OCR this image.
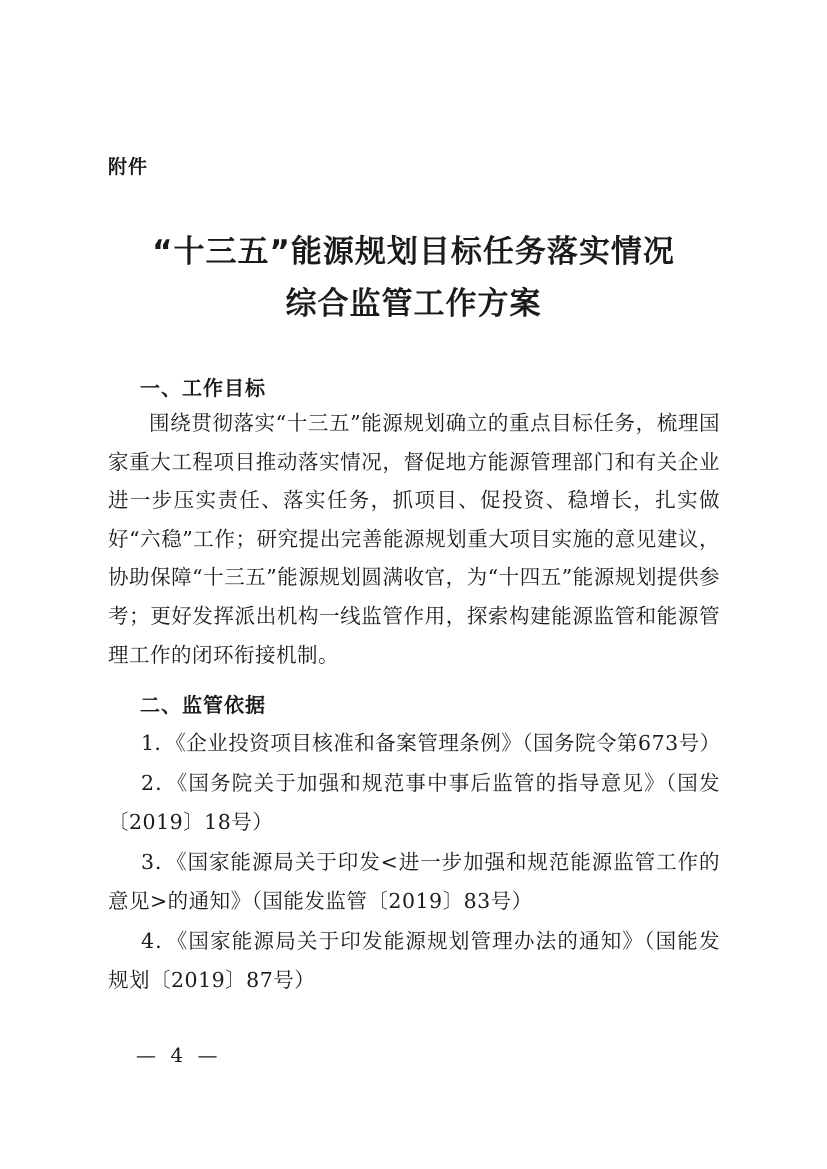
附件
“十三五”能源规划目标任务落实情况
综合监管工作方案
一、工作目标
围绕贯彻落实“十三五”能源规划确立的重点目标任务，梳理国家重大工程项目推动落实情况，督促地方能源管理部门和有关企业进一步压实责任、落实任务，抓项目、促投资、稳增长，扎实做好“六稳”工作；研究提出完善能源规划重大项目实施的意见建议，协助保障“十三五”能源规划圆满收官，为“十四五”能源规划提供参考；更好发挥派出机构一线监管作用，探索构建能源监管和能源管理工作的闭环衔接机制。
二、监管依据
1．《企业投资项目核准和备案管理条例》（国务院令第673号）
2．《国务院关于加强和规范事中事后监管的指导意见》（国发〔2019〕18号）
3．《国家能源局关于印发<进一步加强和规范能源监管工作的意见>的通知》（国能发监管〔2019〕83号）
4．《国家能源局关于印发能源规划管理办法的通知》（国能发规划〔2019〕87号）
— 4 —
